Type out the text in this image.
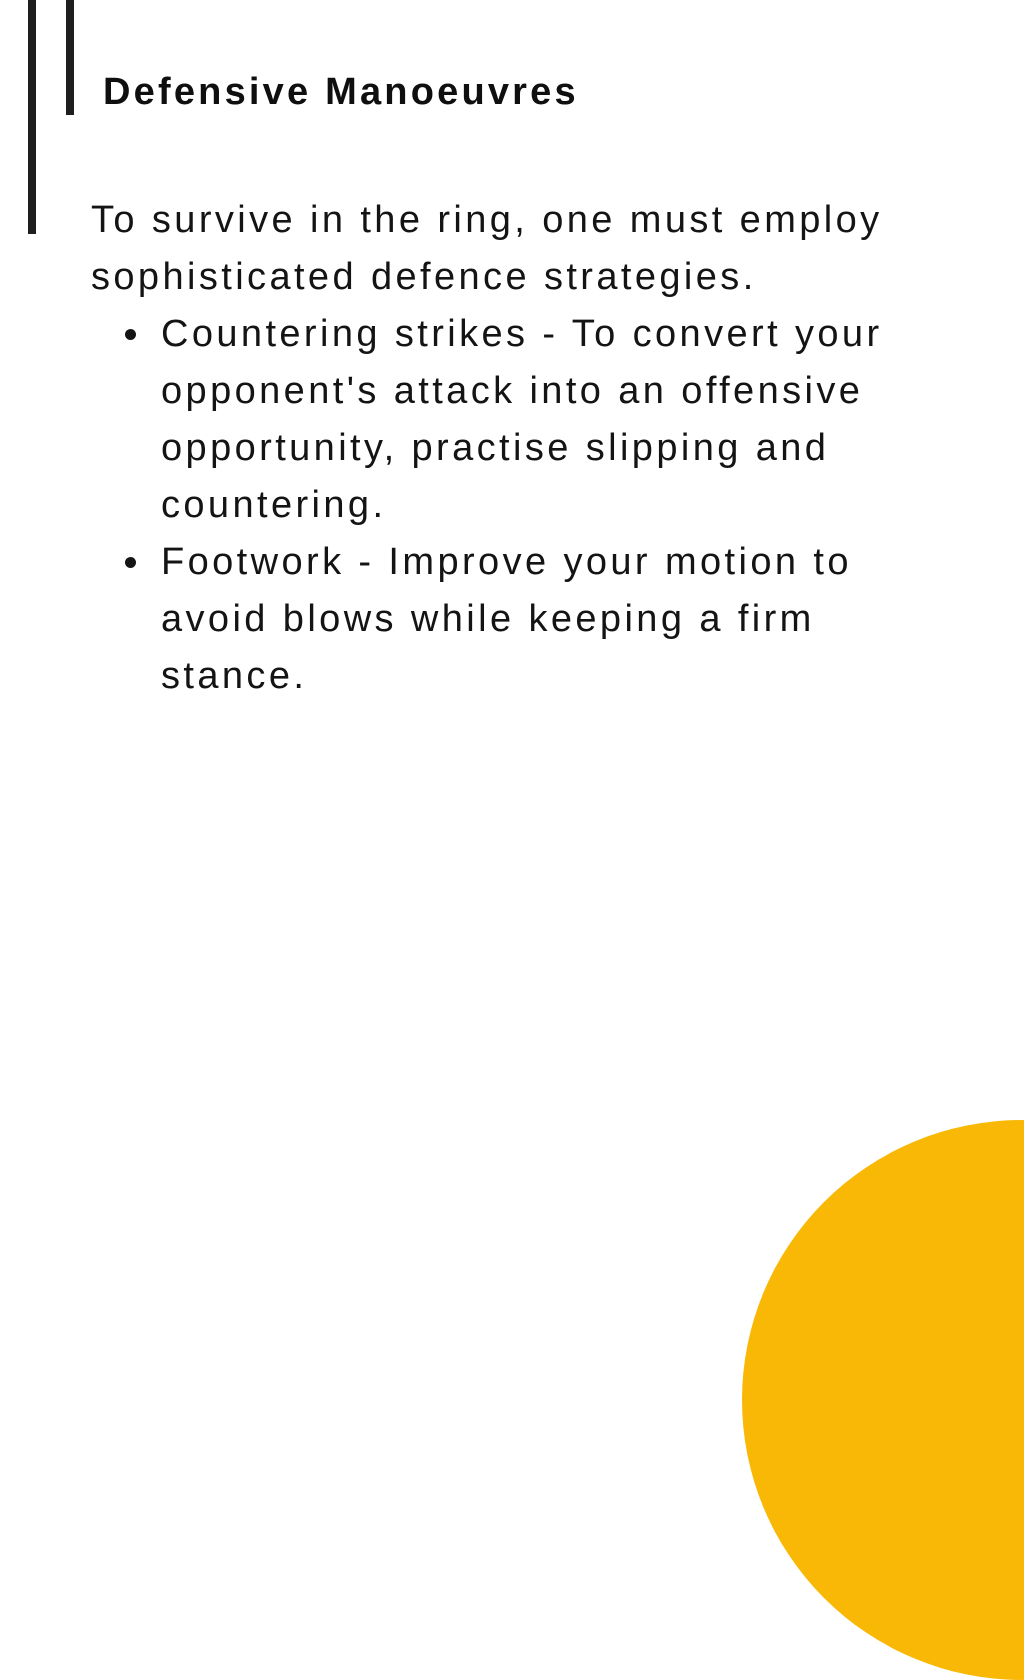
Defensive Manoeuvres

To survive in the ring, one must employ sophisticated defence strategies.

Countering strikes - To convert your opponent's attack into an offensive opportunity, practise slipping and countering.
Footwork - Improve your motion to avoid blows while keeping a firm stance.
